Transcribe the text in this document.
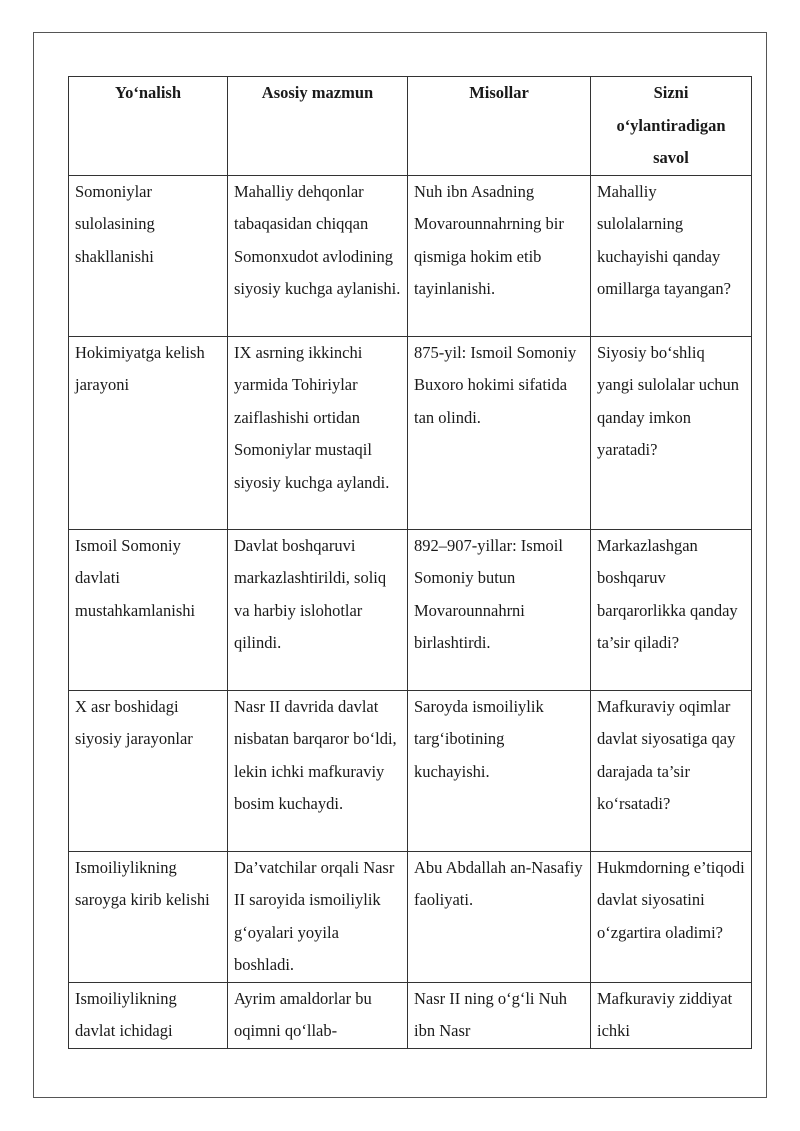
Yo‘nalish	Asosiy mazmun	Misollar	Sizni o‘ylantiradigan savol
Somoniylar sulolasining shakllanishi	Mahalliy dehqonlar tabaqasidan chiqqan Somonxudot avlodining siyosiy kuchga aylanishi.	Nuh ibn Asadning Movarounnahrning bir qismiga hokim etib tayinlanishi.	Mahalliy sulolalarning kuchayishi qanday omillarga tayangan?
Hokimiyatga kelish jarayoni	IX asrning ikkinchi yarmida Tohiriylar zaiflashishi ortidan Somoniylar mustaqil siyosiy kuchga aylandi.	875-yil: Ismoil Somoniy Buxoro hokimi sifatida tan olindi.	Siyosiy bo‘shliq yangi sulolalar uchun qanday imkon yaratadi?
Ismoil Somoniy davlati mustahkamlanishi	Davlat boshqaruvi markazlashtirildi, soliq va harbiy islohotlar qilindi.	892–907-yillar: Ismoil Somoniy butun Movarounnahrni birlashtirdi.	Markazlashgan boshqaruv barqarorlikka qanday ta’sir qiladi?
X asr boshidagi siyosiy jarayonlar	Nasr II davrida davlat nisbatan barqaror bo‘ldi, lekin ichki mafkuraviy bosim kuchaydi.	Saroyda ismoiliylik targ‘ibotining kuchayishi.	Mafkuraviy oqimlar davlat siyosatiga qay darajada ta’sir ko‘rsatadi?
Ismoiliylikning saroyga kirib kelishi	Da’vatchilar orqali Nasr II saroyida ismoiliylik g‘oyalari yoyila boshladi.	Abu Abdallah an-Nasafiy faoliyati.	Hukmdorning e’tiqodi davlat siyosatini o‘zgartira oladimi?
Ismoiliylikning davlat ichidagi	Ayrim amaldorlar bu oqimni qo‘llab-	Nasr II ning o‘g‘li Nuh ibn Nasr	Mafkuraviy ziddiyat ichki
